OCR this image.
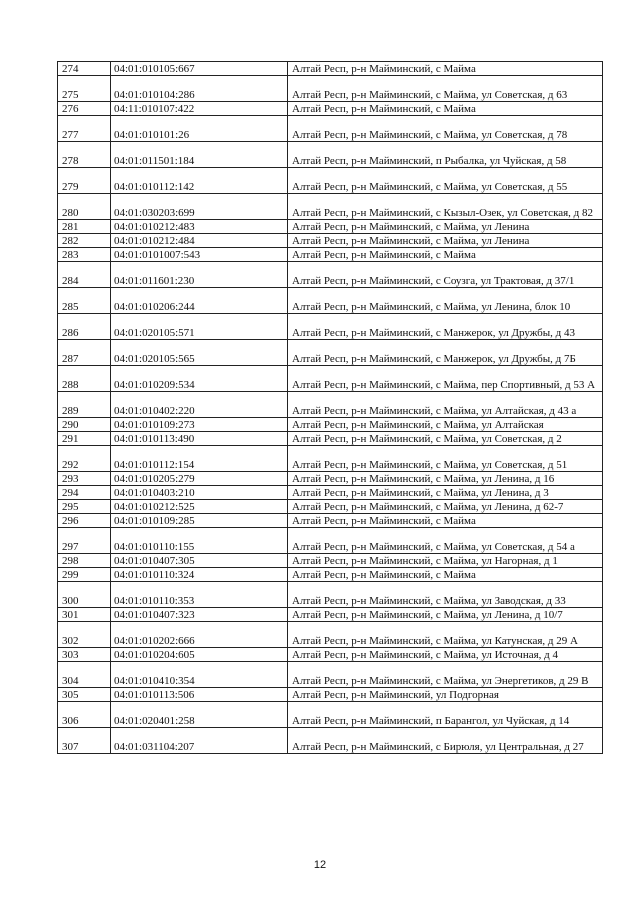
274	04:01:010105:667	Алтай Респ, р-н Майминский, с Майма
275	04:01:010104:286	Алтай Респ, р-н Майминский, с Майма, ул Советская, д 63
276	04:11:010107:422	Алтай Респ, р-н Майминский, с Майма
277	04:01:010101:26	Алтай Респ, р-н Майминский, с Майма, ул Советская, д 78
278	04:01:011501:184	Алтай Респ, р-н Майминский, п Рыбалка, ул Чуйская, д 58
279	04:01:010112:142	Алтай Респ, р-н Майминский, с Майма, ул Советская, д 55
280	04:01:030203:699	Алтай Респ, р-н Майминский, с Кызыл-Озек, ул Советская, д 82
281	04:01:010212:483	Алтай Респ, р-н Майминский, с Майма, ул Ленина
282	04:01:010212:484	Алтай Респ, р-н Майминский, с Майма, ул Ленина
283	04:01:0101007:543	Алтай Респ, р-н Майминский, с Майма
284	04:01:011601:230	Алтай Респ, р-н Майминский, с Соузга, ул Трактовая, д 37/1
285	04:01:010206:244	Алтай Респ, р-н Майминский, с Майма, ул Ленина, блок 10
286	04:01:020105:571	Алтай Респ, р-н Майминский, с Манжерок, ул Дружбы, д 43
287	04:01:020105:565	Алтай Респ, р-н Майминский, с Манжерок, ул Дружбы, д 7Б
288	04:01:010209:534	Алтай Респ, р-н Майминский, с Майма, пер Спортивный, д 53 А
289	04:01:010402:220	Алтай Респ, р-н Майминский, с Майма, ул Алтайская, д 43 а
290	04:01:010109:273	Алтай Респ, р-н Майминский, с Майма, ул Алтайская
291	04:01:010113:490	Алтай Респ, р-н Майминский, с Майма, ул Советская, д 2
292	04:01:010112:154	Алтай Респ, р-н Майминский, с Майма, ул Советская, д 51
293	04:01:010205:279	Алтай Респ, р-н Майминский, с Майма, ул Ленина, д 16
294	04:01:010403:210	Алтай Респ, р-н Майминский, с Майма, ул Ленина, д 3
295	04:01:010212:525	Алтай Респ, р-н Майминский, с Майма, ул Ленина, д 62-7
296	04:01:010109:285	Алтай Респ, р-н Майминский, с Майма
297	04:01:010110:155	Алтай Респ, р-н Майминский, с Майма, ул Советская, д 54 а
298	04:01:010407:305	Алтай Респ, р-н Майминский, с Майма, ул Нагорная, д 1
299	04:01:010110:324	Алтай Респ, р-н Майминский, с Майма
300	04:01:010110:353	Алтай Респ, р-н Майминский, с Майма, ул Заводская, д 33
301	04:01:010407:323	Алтай Респ, р-н Майминский, с Майма, ул Ленина, д 10/7
302	04:01:010202:666	Алтай Респ, р-н Майминский, с Майма, ул Катунская, д 29 А
303	04:01:010204:605	Алтай Респ, р-н Майминский, с Майма, ул Источная, д 4
304	04:01:010410:354	Алтай Респ, р-н Майминский, с Майма, ул Энергетиков, д 29 В
305	04:01:010113:506	Алтай Респ, р-н Майминский, ул Подгорная
306	04:01:020401:258	Алтай Респ, р-н Майминский, п Барангол, ул Чуйская, д 14
307	04:01:031104:207	Алтай Респ, р-н Майминский, с Бирюля, ул Центральная, д 27
12
